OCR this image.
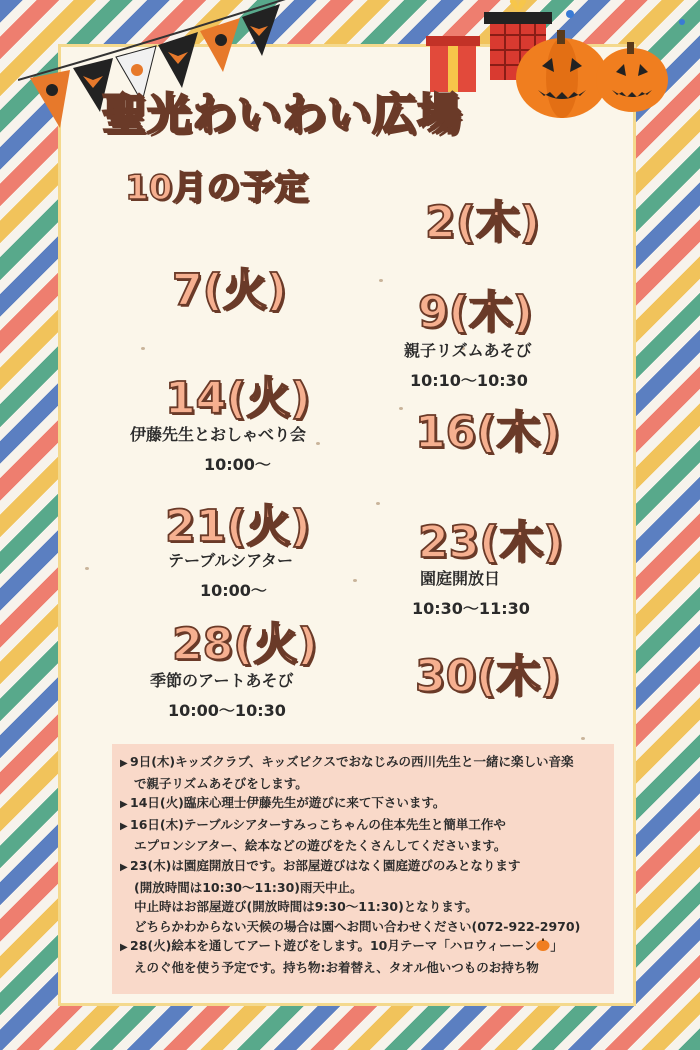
聖光わいわい広場
10月の予定

2(木)

7(火)	9(木)

親子リズムあそび

10:10～10:30

14(火)

伊藤先生とおしゃべり会

10:00～

16(木)

21(火)

テーブルシアター

10:00～

23(木)

園庭開放日

10:30～11:30

28(火)

季節のアートあそび

10:00～10:30

30(木)

▶ 9日(木)キッズクラブ、キッズビクスでおなじみの西川先生と一緒に楽しい音楽

で親子リズムあそびをします。

▶ 14日(火)臨床心理士伊藤先生が遊びに来て下さいます。

▶ 16日(木)テーブルシアターすみっこちゃんの住本先生と簡単工作や

エプロンシアター、絵本などの遊びをたくさんしてくださいます。

▶ 23(木)は園庭開放日です。お部屋遊びはなく園庭遊びのみとなります

(開放時間は10:30～11:30)雨天中止。

中止時はお部屋遊び(開放時間は9:30～11:30)となります。

どちらかわからない天候の場合は園へお問い合わせください(072-922-2970)

▶ 28(火)絵本を通してアート遊びをします。10月テーマ「ハロウィーーン 」

えのぐ他を使う予定です。持ち物:お着替え、タオル他いつものお持ち物
